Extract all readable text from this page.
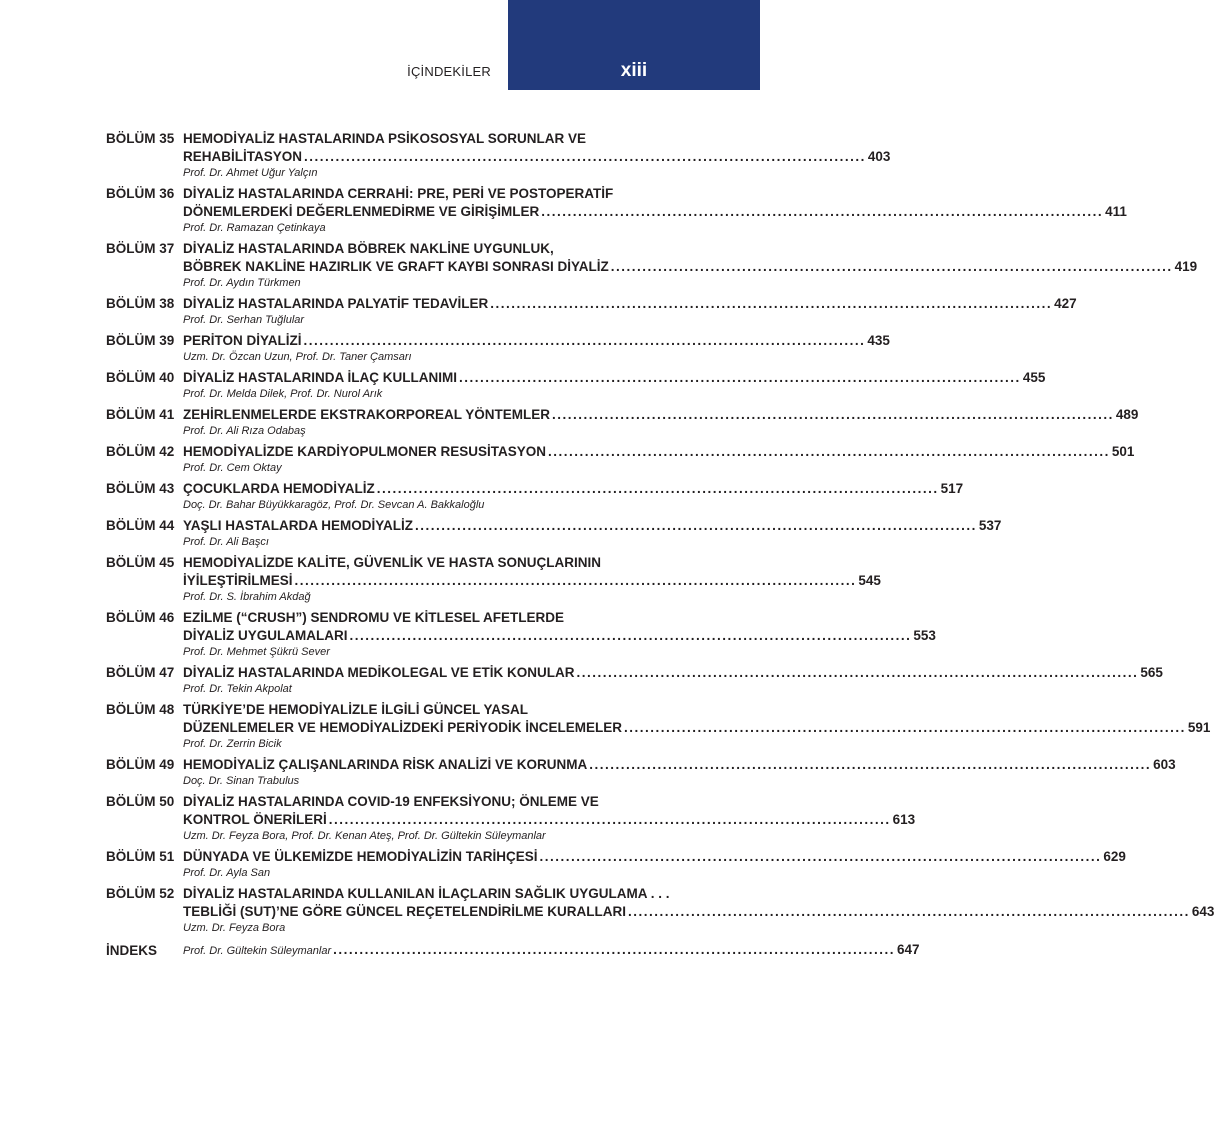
İÇİNDEKİLER	xiii
BÖLÜM 35 HEMODİYALİZ HASTALARINDA PSİKOSOSYAL SORUNLAR VE
REHABİLİTASYON ........................................................................................................... 403
Prof. Dr. Ahmet Uğur Yalçın
BÖLÜM 36 DİYALİZ HASTALARINDA CERRAHİ: PRE, PERİ VE POSTOPERATİF
DÖNEMLERDEKİ DEĞERLENMEDİRME VE GİRİŞİMLER ........................................................................................................... 411
Prof. Dr. Ramazan Çetinkaya
BÖLÜM 37 DİYALİZ HASTALARINDA BÖBREK NAKLİNE UYGUNLUK,
BÖBREK NAKLİNE HAZIRLIK VE GRAFT KAYBI SONRASI DİYALİZ ........................................................................................................... 419
Prof. Dr. Aydın Türkmen
BÖLÜM 38 DİYALİZ HASTALARINDA PALYATİF TEDAVİLER ........................................................................................................... 427
Prof. Dr. Serhan Tuğlular
BÖLÜM 39 PERİTON DİYALİZİ ........................................................................................................... 435
Uzm. Dr. Özcan Uzun, Prof. Dr. Taner Çamsarı
BÖLÜM 40 DİYALİZ HASTALARINDA İLAÇ KULLANIMI ........................................................................................................... 455
Prof. Dr. Melda Dilek, Prof. Dr. Nurol Arık
BÖLÜM 41 ZEHİRLENMELERDE EKSTRAKORPOREAL YÖNTEMLER ........................................................................................................... 489
Prof. Dr. Ali Rıza Odabaş
BÖLÜM 42 HEMODİYALİZDE KARDİYOPULMONER RESUSİTASYON ........................................................................................................... 501
Prof. Dr. Cem Oktay
BÖLÜM 43 ÇOCUKLARDA HEMODİYALİZ ........................................................................................................... 517
Doç. Dr. Bahar Büyükkaragöz, Prof. Dr. Sevcan A. Bakkaloğlu
BÖLÜM 44 YAŞLI HASTALARDA HEMODİYALİZ ........................................................................................................... 537
Prof. Dr. Ali Başcı
BÖLÜM 45 HEMODİYALİZDE KALİTE, GÜVENLİK VE HASTA SONUÇLARININ
İYİLEŞTİRİLMESİ ........................................................................................................... 545
Prof. Dr. S. İbrahim Akdağ
BÖLÜM 46 EZİLME (“CRUSH”) SENDROMU VE KİTLESEL AFETLERDE
DİYALİZ UYGULAMALARI ........................................................................................................... 553
Prof. Dr. Mehmet Şükrü Sever
BÖLÜM 47 DİYALİZ HASTALARINDA MEDİKOLEGAL VE ETİK KONULAR ........................................................................................................... 565
Prof. Dr. Tekin Akpolat
BÖLÜM 48 TÜRKİYE’DE HEMODİYALİZLE İLGİLİ GÜNCEL YASAL
DÜZENLEMELER VE HEMODİYALİZDEKİ PERİYODİK İNCELEMELER ........................................................................................................... 591
Prof. Dr. Zerrin Bicik
BÖLÜM 49 HEMODİYALİZ ÇALIŞANLARINDA RİSK ANALİZİ VE KORUNMA ........................................................................................................... 603
Doç. Dr. Sinan Trabulus
BÖLÜM 50 DİYALİZ HASTALARINDA COVID-19 ENFEKSİYONU; ÖNLEME VE
KONTROL ÖNERİLERİ ........................................................................................................... 613
Uzm. Dr. Feyza Bora, Prof. Dr. Kenan Ateş, Prof. Dr. Gültekin Süleymanlar
BÖLÜM 51 DÜNYADA VE ÜLKEMİZDE HEMODİYALİZİN TARİHÇESİ ........................................................................................................... 629
Prof. Dr. Ayla San
BÖLÜM 52 DİYALİZ HASTALARINDA KULLANILAN İLAÇLARIN SAĞLIK UYGULAMA . . .
TEBLİĞİ (SUT)’NE GÖRE GÜNCEL REÇETELENDİRİLME KURALLARI ........................................................................................................... 643
Uzm. Dr. Feyza Bora
İNDEKS	Prof. Dr. Gültekin Süleymanlar ........................................................................................................... 647
